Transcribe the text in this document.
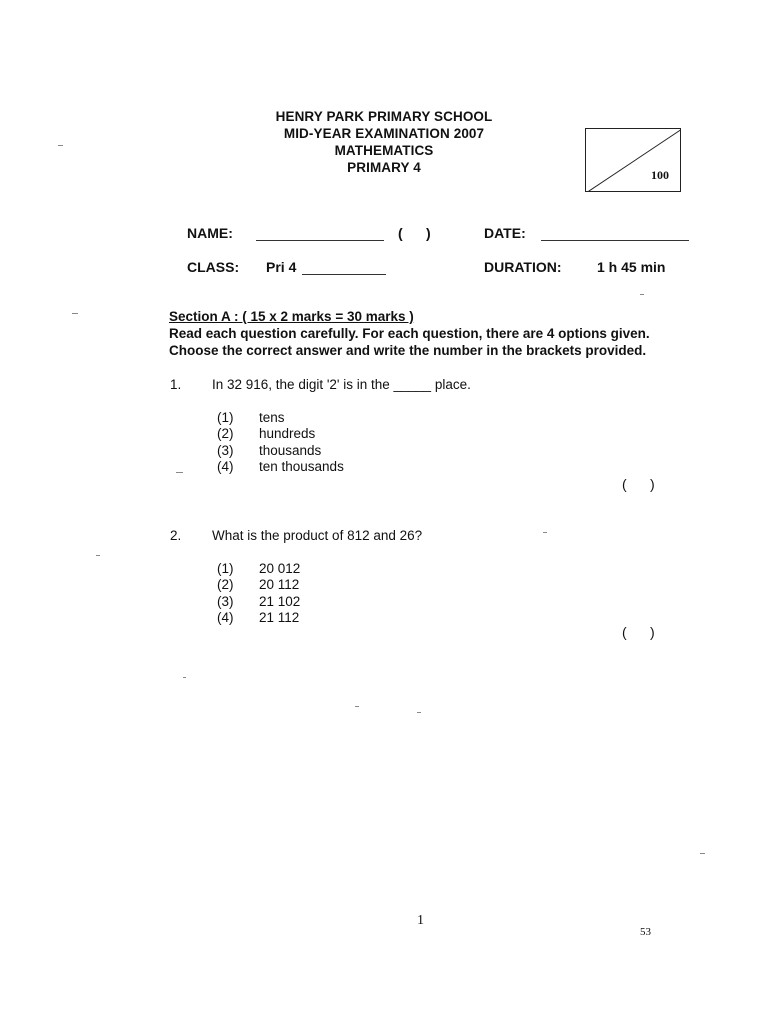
HENRY PARK PRIMARY SCHOOL
MID-YEAR EXAMINATION 2007
MATHEMATICS
PRIMARY 4	100
NAME:	(      )	DATE:
CLASS: Pri 4	DURATION:	1 h 45 min
Section A : ( 15 x 2 marks = 30 marks )
Read each question carefully. For each question, there are 4 options given.
Choose the correct answer and write the number in the brackets provided.
1. In 32 916, the digit '2' is in the _____ place.
(1) tens
(2) hundreds
(3) thousands
(4) ten thousands
(      )
2. What is the product of 812 and 26?
(1) 20 012
(2) 20 112
(3) 21 102
(4) 21 112
(      )
1
53
